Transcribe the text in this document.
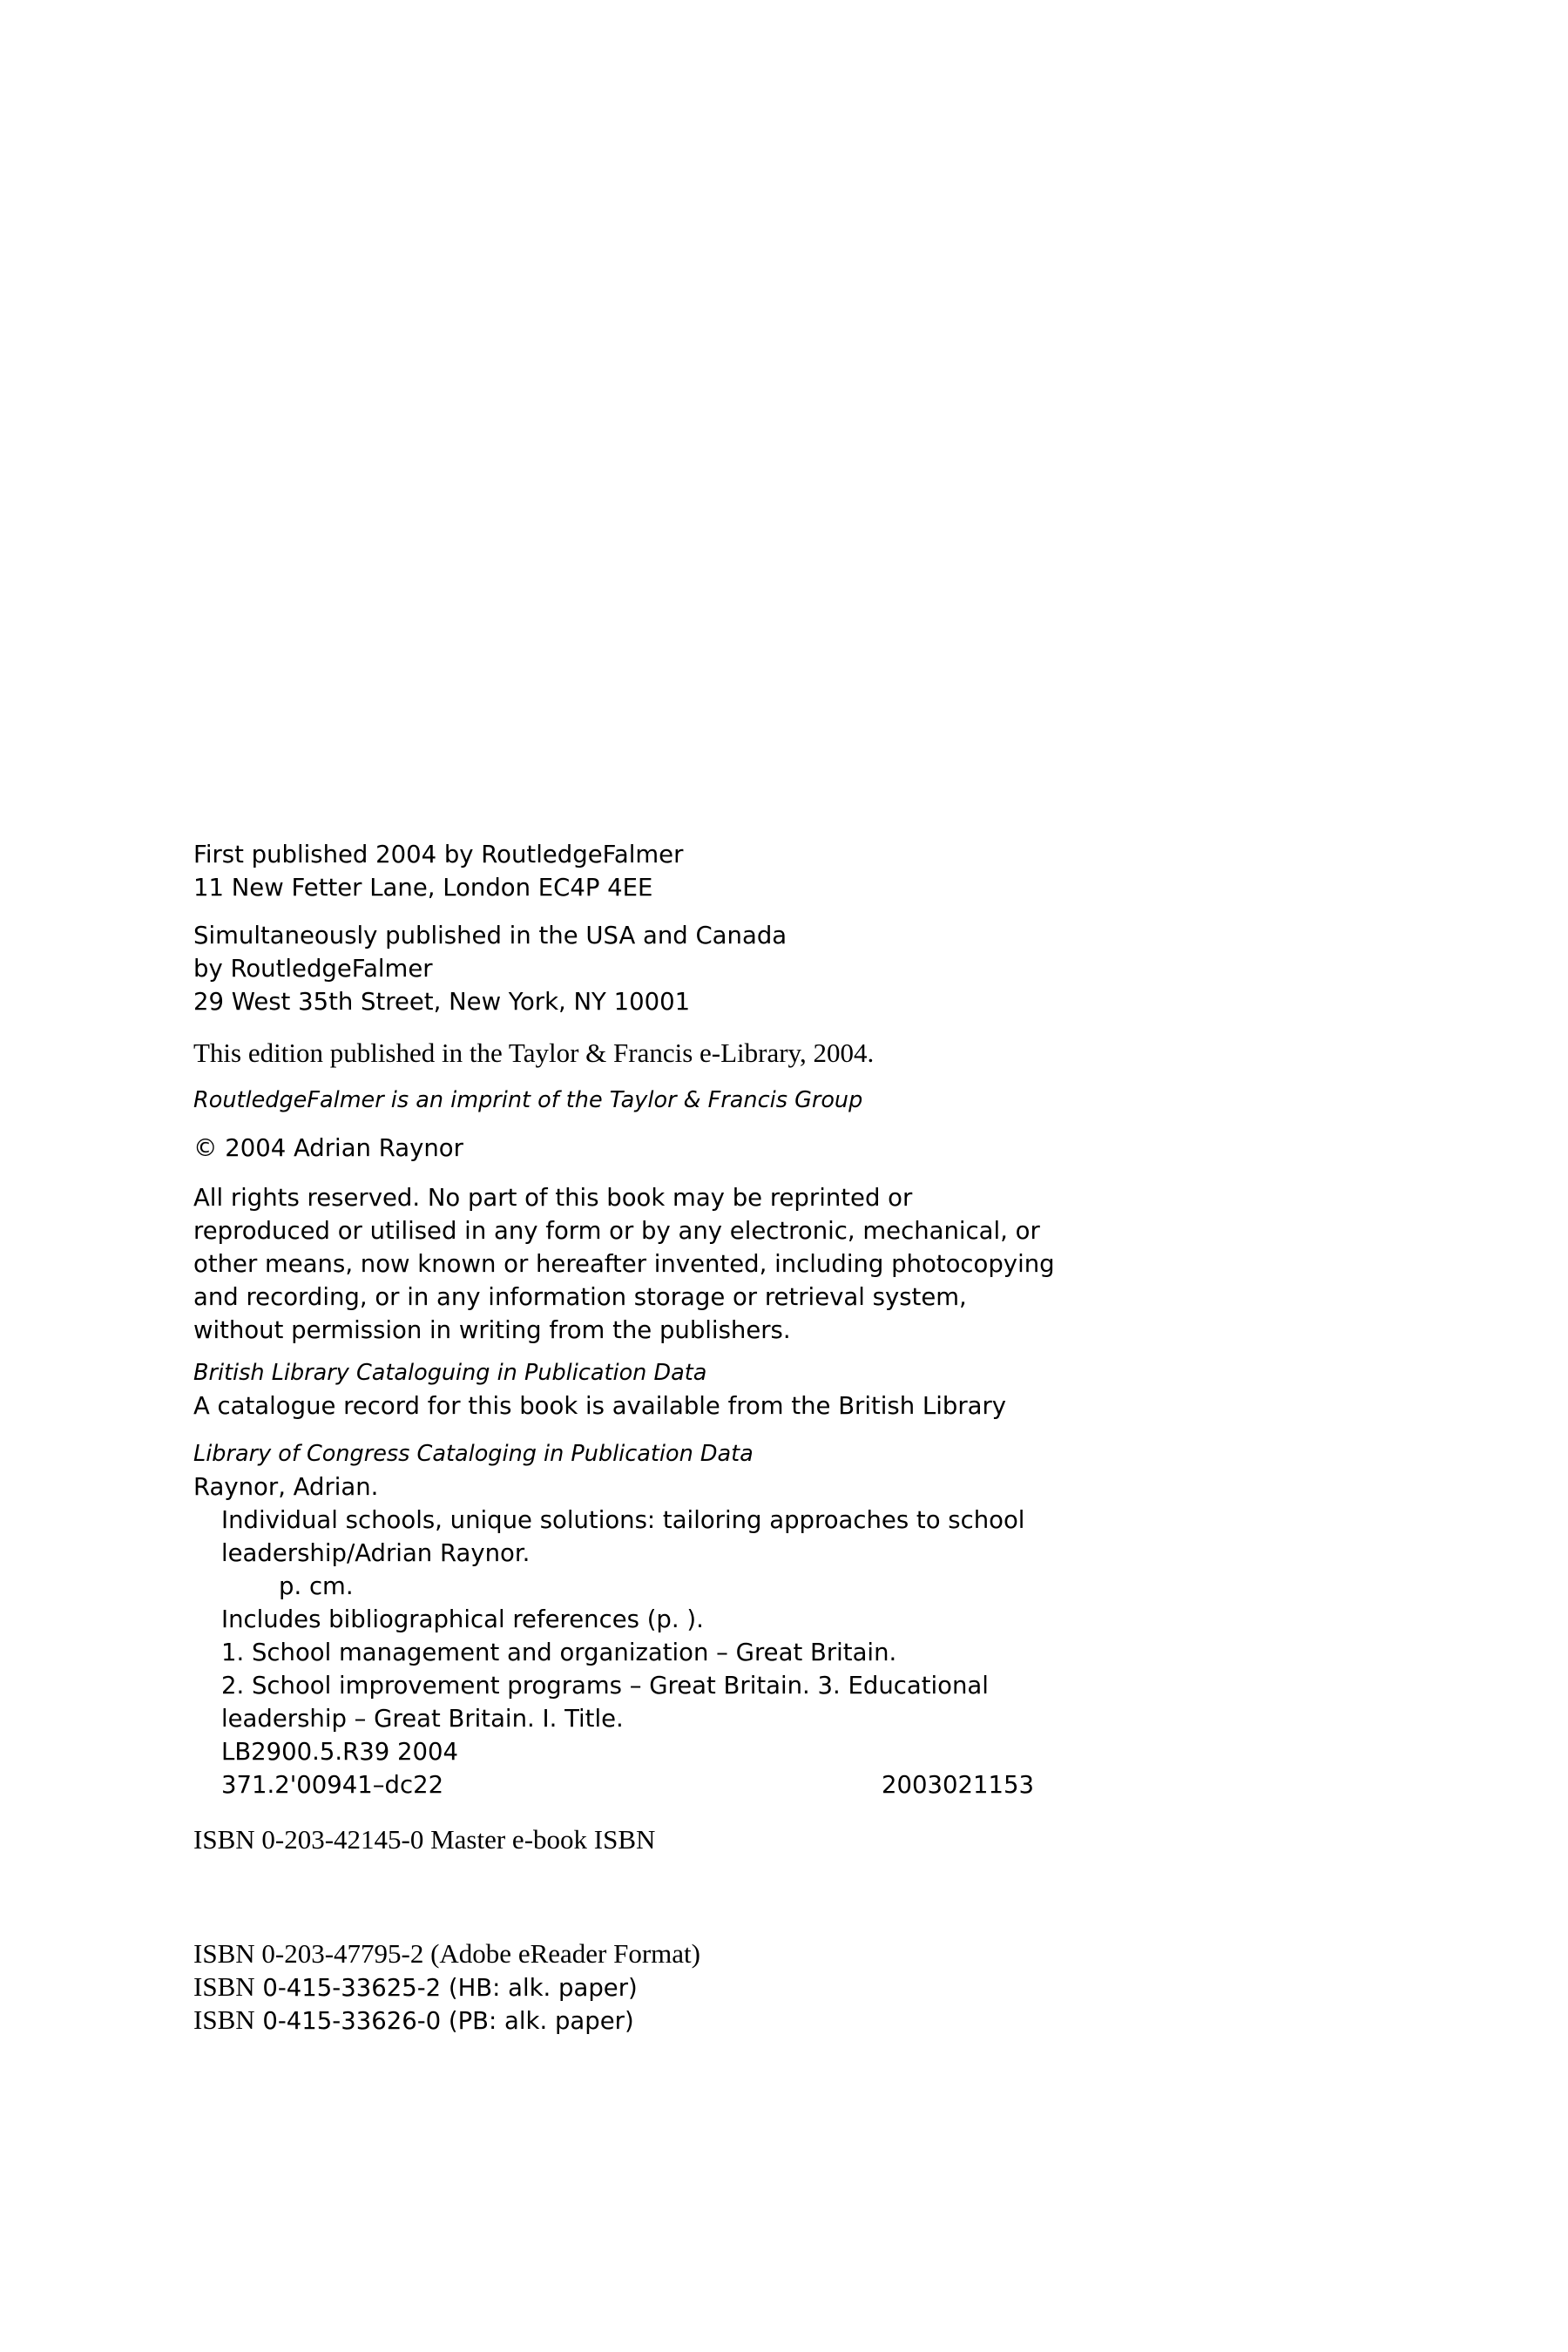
First published 2004 by RoutledgeFalmer
11 New Fetter Lane, London EC4P 4EE
Simultaneously published in the USA and Canada
by RoutledgeFalmer
29 West 35th Street, New York, NY 10001
This edition published in the Taylor & Francis e-Library, 2004.
RoutledgeFalmer is an imprint of the Taylor & Francis Group
© 2004 Adrian Raynor
All rights reserved. No part of this book may be reprinted or
reproduced or utilised in any form or by any electronic, mechanical, or
other means, now known or hereafter invented, including photocopying
and recording, or in any information storage or retrieval system,
without permission in writing from the publishers.
British Library Cataloguing in Publication Data
A catalogue record for this book is available from the British Library
Library of Congress Cataloging in Publication Data
Raynor, Adrian.
Individual schools, unique solutions: tailoring approaches to school
leadership/Adrian Raynor.
p. cm.
Includes bibliographical references (p. ).
1. School management and organization – Great Britain.
2. School improvement programs – Great Britain. 3. Educational
leadership – Great Britain. I. Title.
LB2900.5.R39 2004
371.2'00941–dc22	2003021153
ISBN 0-203-42145-0 Master e-book ISBN
ISBN 0-203-47795-2 (Adobe eReader Format)
ISBN 0-415-33625-2 (HB: alk. paper)
ISBN 0-415-33626-0 (PB: alk. paper)
